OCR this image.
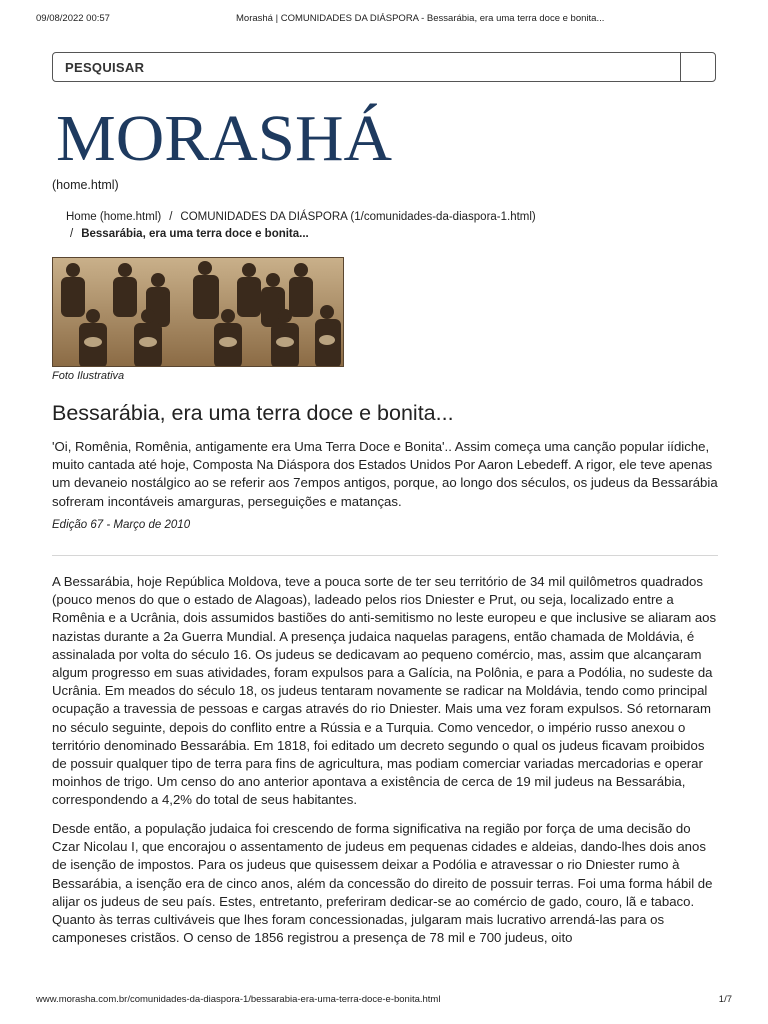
09/08/2022 00:57	Morashá | COMUNIDADES DA DIÁSPORA - Bessarábia, era uma terra doce e bonita...
PESQUISAR
MORASHÁ
(home.html)
Home (home.html) / COMUNIDADES DA DIÁSPORA (1/comunidades-da-diaspora-1.html)
/ Bessarábia, era uma terra doce e bonita...
Foto Ilustrativa
Bessarábia, era uma terra doce e bonita...

'Oi, Romênia, Romênia, antigamente era Uma Terra Doce e Bonita'.. Assim começa uma canção popular iídiche, muito cantada até hoje, Composta Na Diáspora dos Estados Unidos Por Aaron Lebedeff. A rigor, ele teve apenas um devaneio nostálgico ao se referir aos 7empos antigos, porque, ao longo dos séculos, os judeus da Bessarábia sofreram incontáveis amarguras, perseguições e matanças.

Edição 67 - Março de 2010

A Bessarábia, hoje República Moldova, teve a pouca sorte de ter seu território de 34 mil quilômetros quadrados (pouco menos do que o estado de Alagoas), ladeado pelos rios Dniester e Prut, ou seja, localizado entre a Romênia e a Ucrânia, dois assumidos bastiões do anti-semitismo no leste europeu e que inclusive se aliaram aos nazistas durante a 2a Guerra Mundial. A presença judaica naquelas paragens, então chamada de Moldávia, é assinalada por volta do século 16. Os judeus se dedicavam ao pequeno comércio, mas, assim que alcançaram algum progresso em suas atividades, foram expulsos para a Galícia, na Polônia, e para a Podólia, no sudeste da Ucrânia. Em meados do século 18, os judeus tentaram novamente se radicar na Moldávia, tendo como principal ocupação a travessia de pessoas e cargas através do rio Dniester. Mais uma vez foram expulsos. Só retornaram no século seguinte, depois do conflito entre a Rússia e a Turquia. Como vencedor, o império russo anexou o território denominado Bessarábia. Em 1818, foi editado um decreto segundo o qual os judeus ficavam proibidos de possuir qualquer tipo de terra para fins de agricultura, mas podiam comerciar variadas mercadorias e operar moinhos de trigo. Um censo do ano anterior apontava a existência de cerca de 19 mil judeus na Bessarábia, correspondendo a 4,2% do total de seus habitantes.

Desde então, a população judaica foi crescendo de forma significativa na região por força de uma decisão do Czar Nicolau I, que encorajou o assentamento de judeus em pequenas cidades e aldeias, dando-lhes dois anos de isenção de impostos. Para os judeus que quisessem deixar a Podólia e atravessar o rio Dniester rumo à Bessarábia, a isenção era de cinco anos, além da concessão do direito de possuir terras. Foi uma forma hábil de alijar os judeus de seu país. Estes, entretanto, preferiram dedicar-se ao comércio de gado, couro, lã e tabaco. Quanto às terras cultiváveis que lhes foram concessionadas, julgaram mais lucrativo arrendá-las para os camponeses cristãos. O censo de 1856 registrou a presença de 78 mil e 700 judeus, oito

www.morasha.com.br/comunidades-da-diaspora-1/bessarabia-era-uma-terra-doce-e-bonita.html	1/7
